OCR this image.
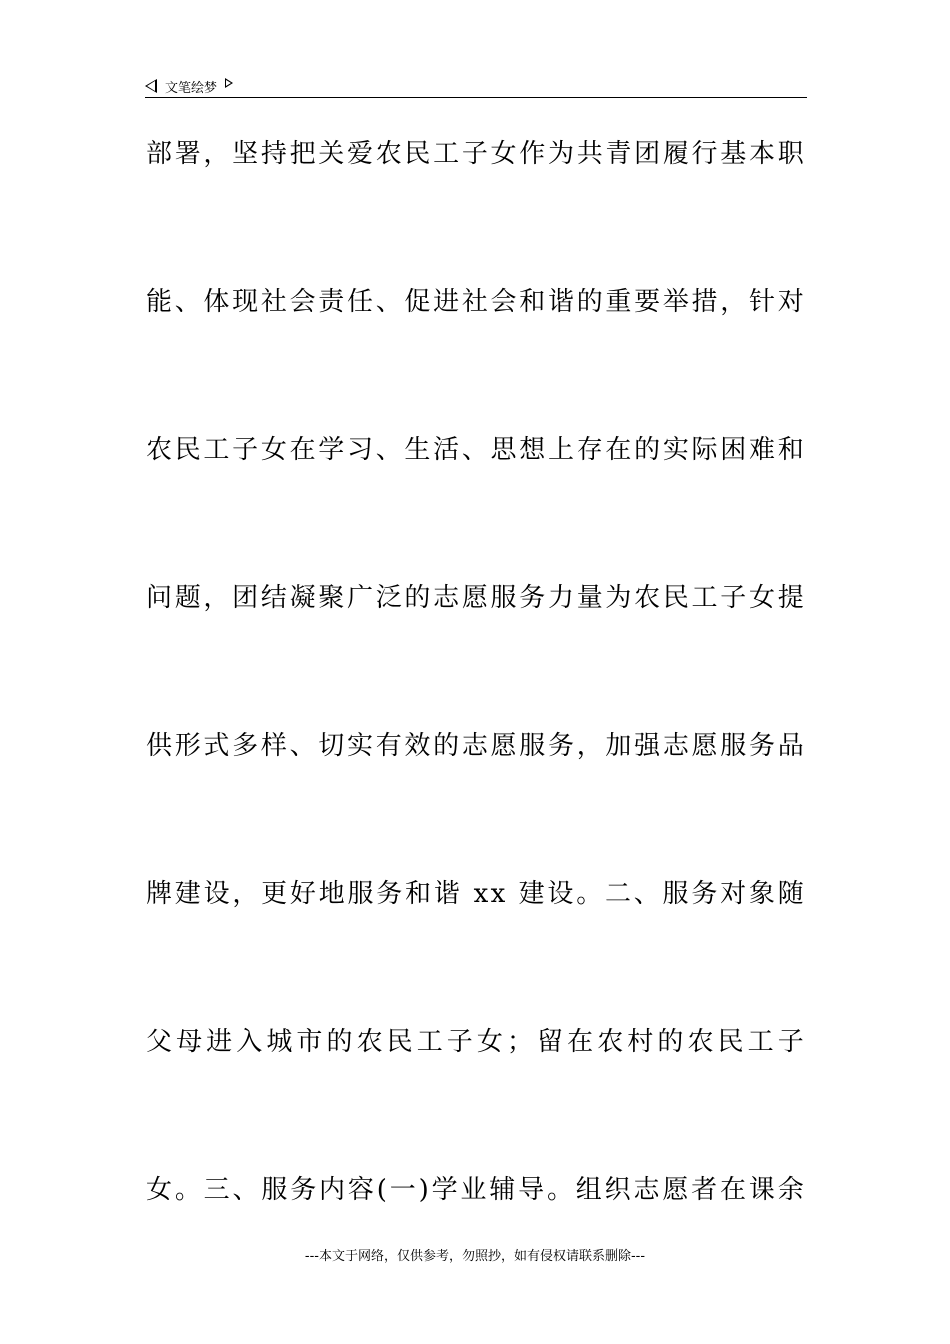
文笔绘梦
部署，坚持把关爱农民工子女作为共青团履行基本职
能、体现社会责任、促进社会和谐的重要举措，针对
农民工子女在学习、生活、思想上存在的实际困难和
问题，团结凝聚广泛的志愿服务力量为农民工子女提
供形式多样、切实有效的志愿服务，加强志愿服务品
牌建设，更好地服务和谐 xx 建设。二、服务对象随
父母进入城市的农民工子女；留在农村的农民工子
女。三、服务内容(一)学业辅导。组织志愿者在课余
---本文于网络，仅供参考，勿照抄，如有侵权请联系删除---
